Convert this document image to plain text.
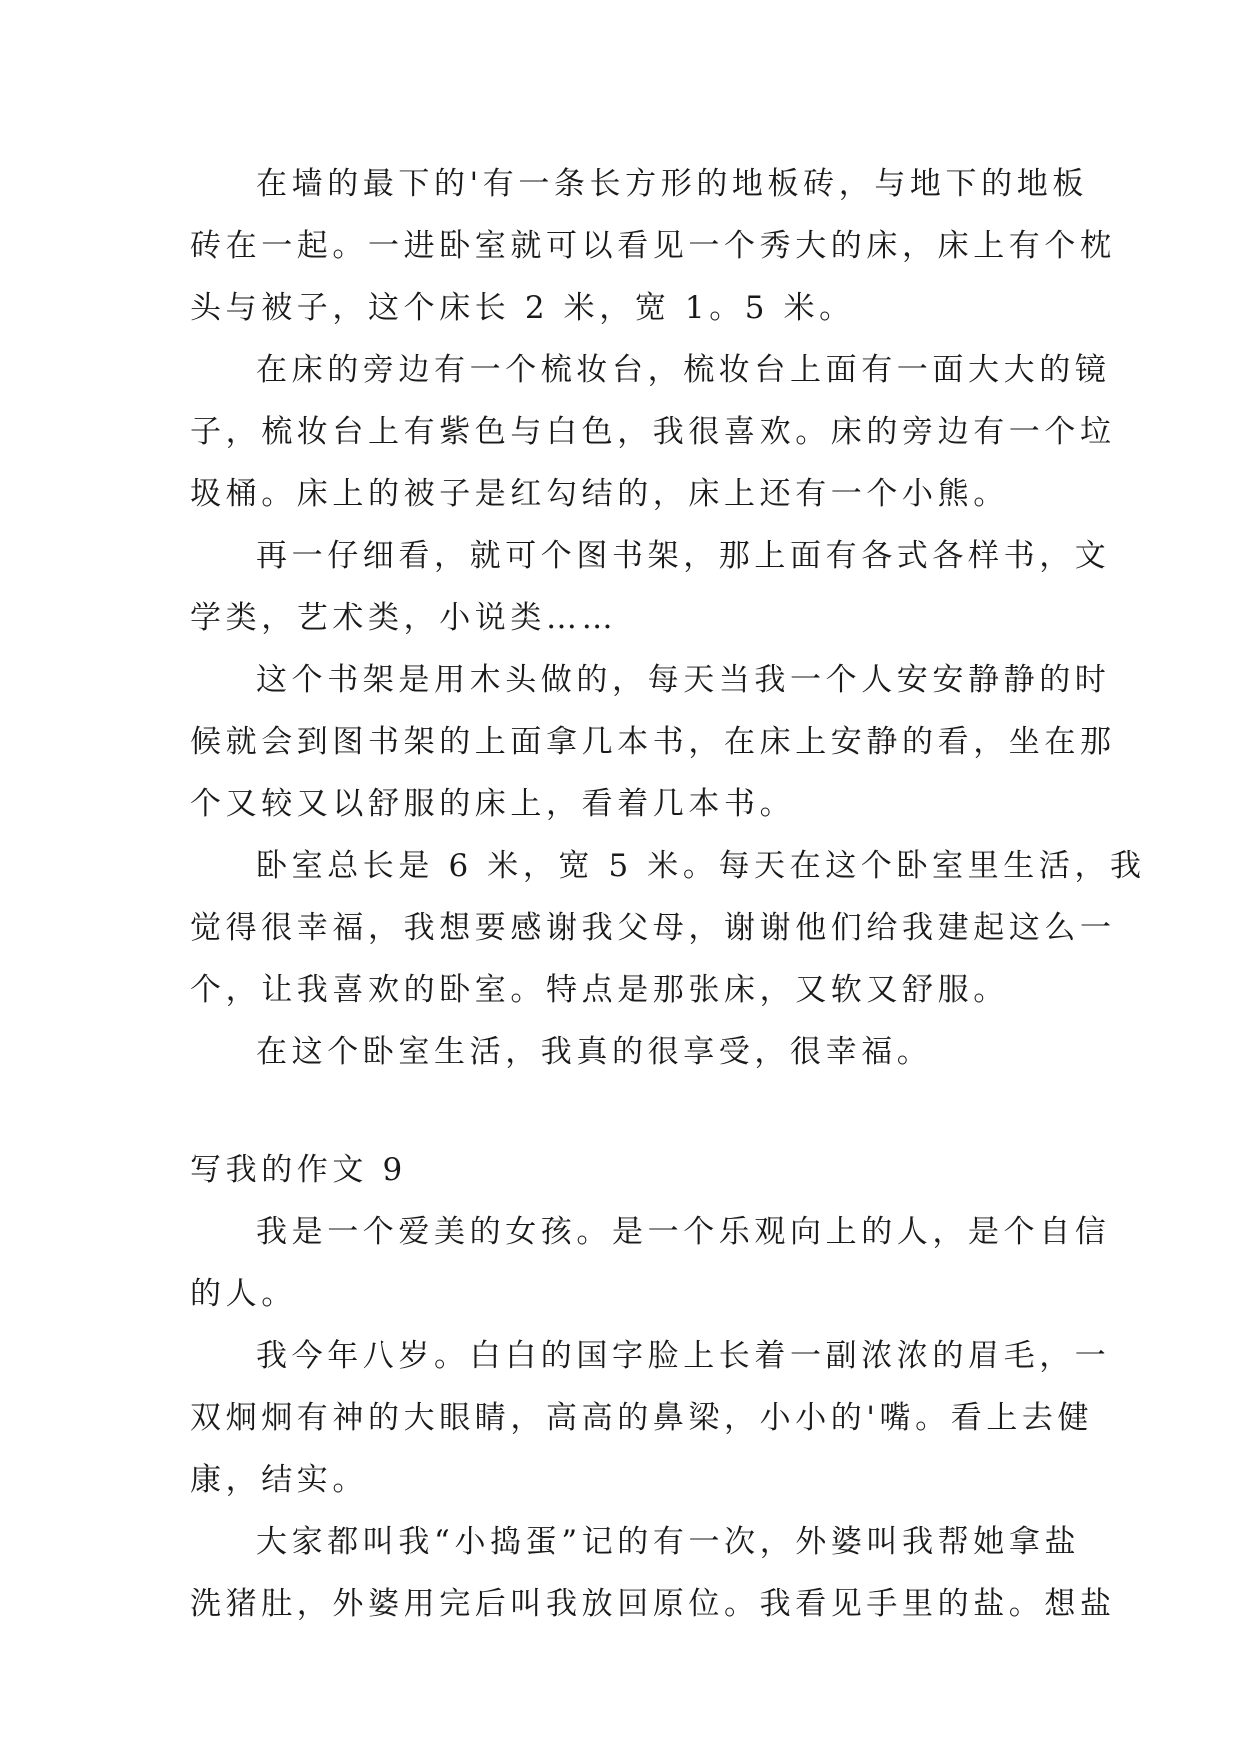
在墙的最下的'有一条长方形的地板砖，与地下的地板
砖在一起。一进卧室就可以看见一个秀大的床，床上有个枕
头与被子，这个床长 2 米，宽 1。5 米。
在床的旁边有一个梳妆台，梳妆台上面有一面大大的镜
子，梳妆台上有紫色与白色，我很喜欢。床的旁边有一个垃
圾桶。床上的被子是红勾结的，床上还有一个小熊。
再一仔细看，就可个图书架，那上面有各式各样书，文
学类，艺术类，小说类……
这个书架是用木头做的，每天当我一个人安安静静的时
候就会到图书架的上面拿几本书，在床上安静的看，坐在那
个又较又以舒服的床上，看着几本书。
卧室总长是 6 米，宽 5 米。每天在这个卧室里生活，我
觉得很幸福，我想要感谢我父母，谢谢他们给我建起这么一
个，让我喜欢的卧室。特点是那张床，又软又舒服。
在这个卧室生活，我真的很享受，很幸福。
写我的作文 9
我是一个爱美的女孩。是一个乐观向上的人，是个自信
的人。
我今年八岁。白白的国字脸上长着一副浓浓的眉毛，一
双炯炯有神的大眼睛，高高的鼻梁，小小的'嘴。看上去健
康，结实。
大家都叫我“小捣蛋”记的有一次，外婆叫我帮她拿盐
洗猪肚，外婆用完后叫我放回原位。我看见手里的盐。想盐
